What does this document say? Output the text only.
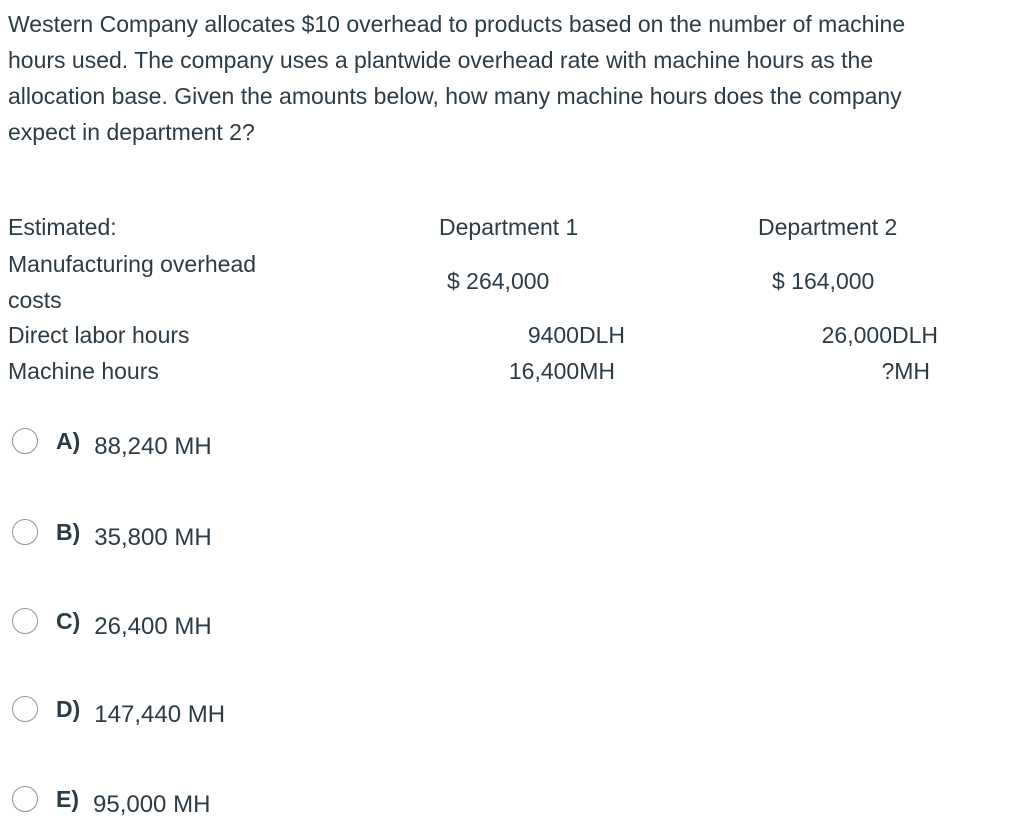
Western Company allocates $10 overhead to products based on the number of machine hours used. The company uses a plantwide overhead rate with machine hours as the allocation base. Given the amounts below, how many machine hours does the company expect in department 2?
Estimated:	Department 1	Department 2
Manufacturing overhead
costs
$ 264,000	$ 164,000
Direct labor hours	9400DLH	26,000DLH
Machine hours	16,400MH	?MH
A) 88,240 MH
B) 35,800 MH
C) 26,400 MH
D) 147,440 MH
E) 95,000 MH
